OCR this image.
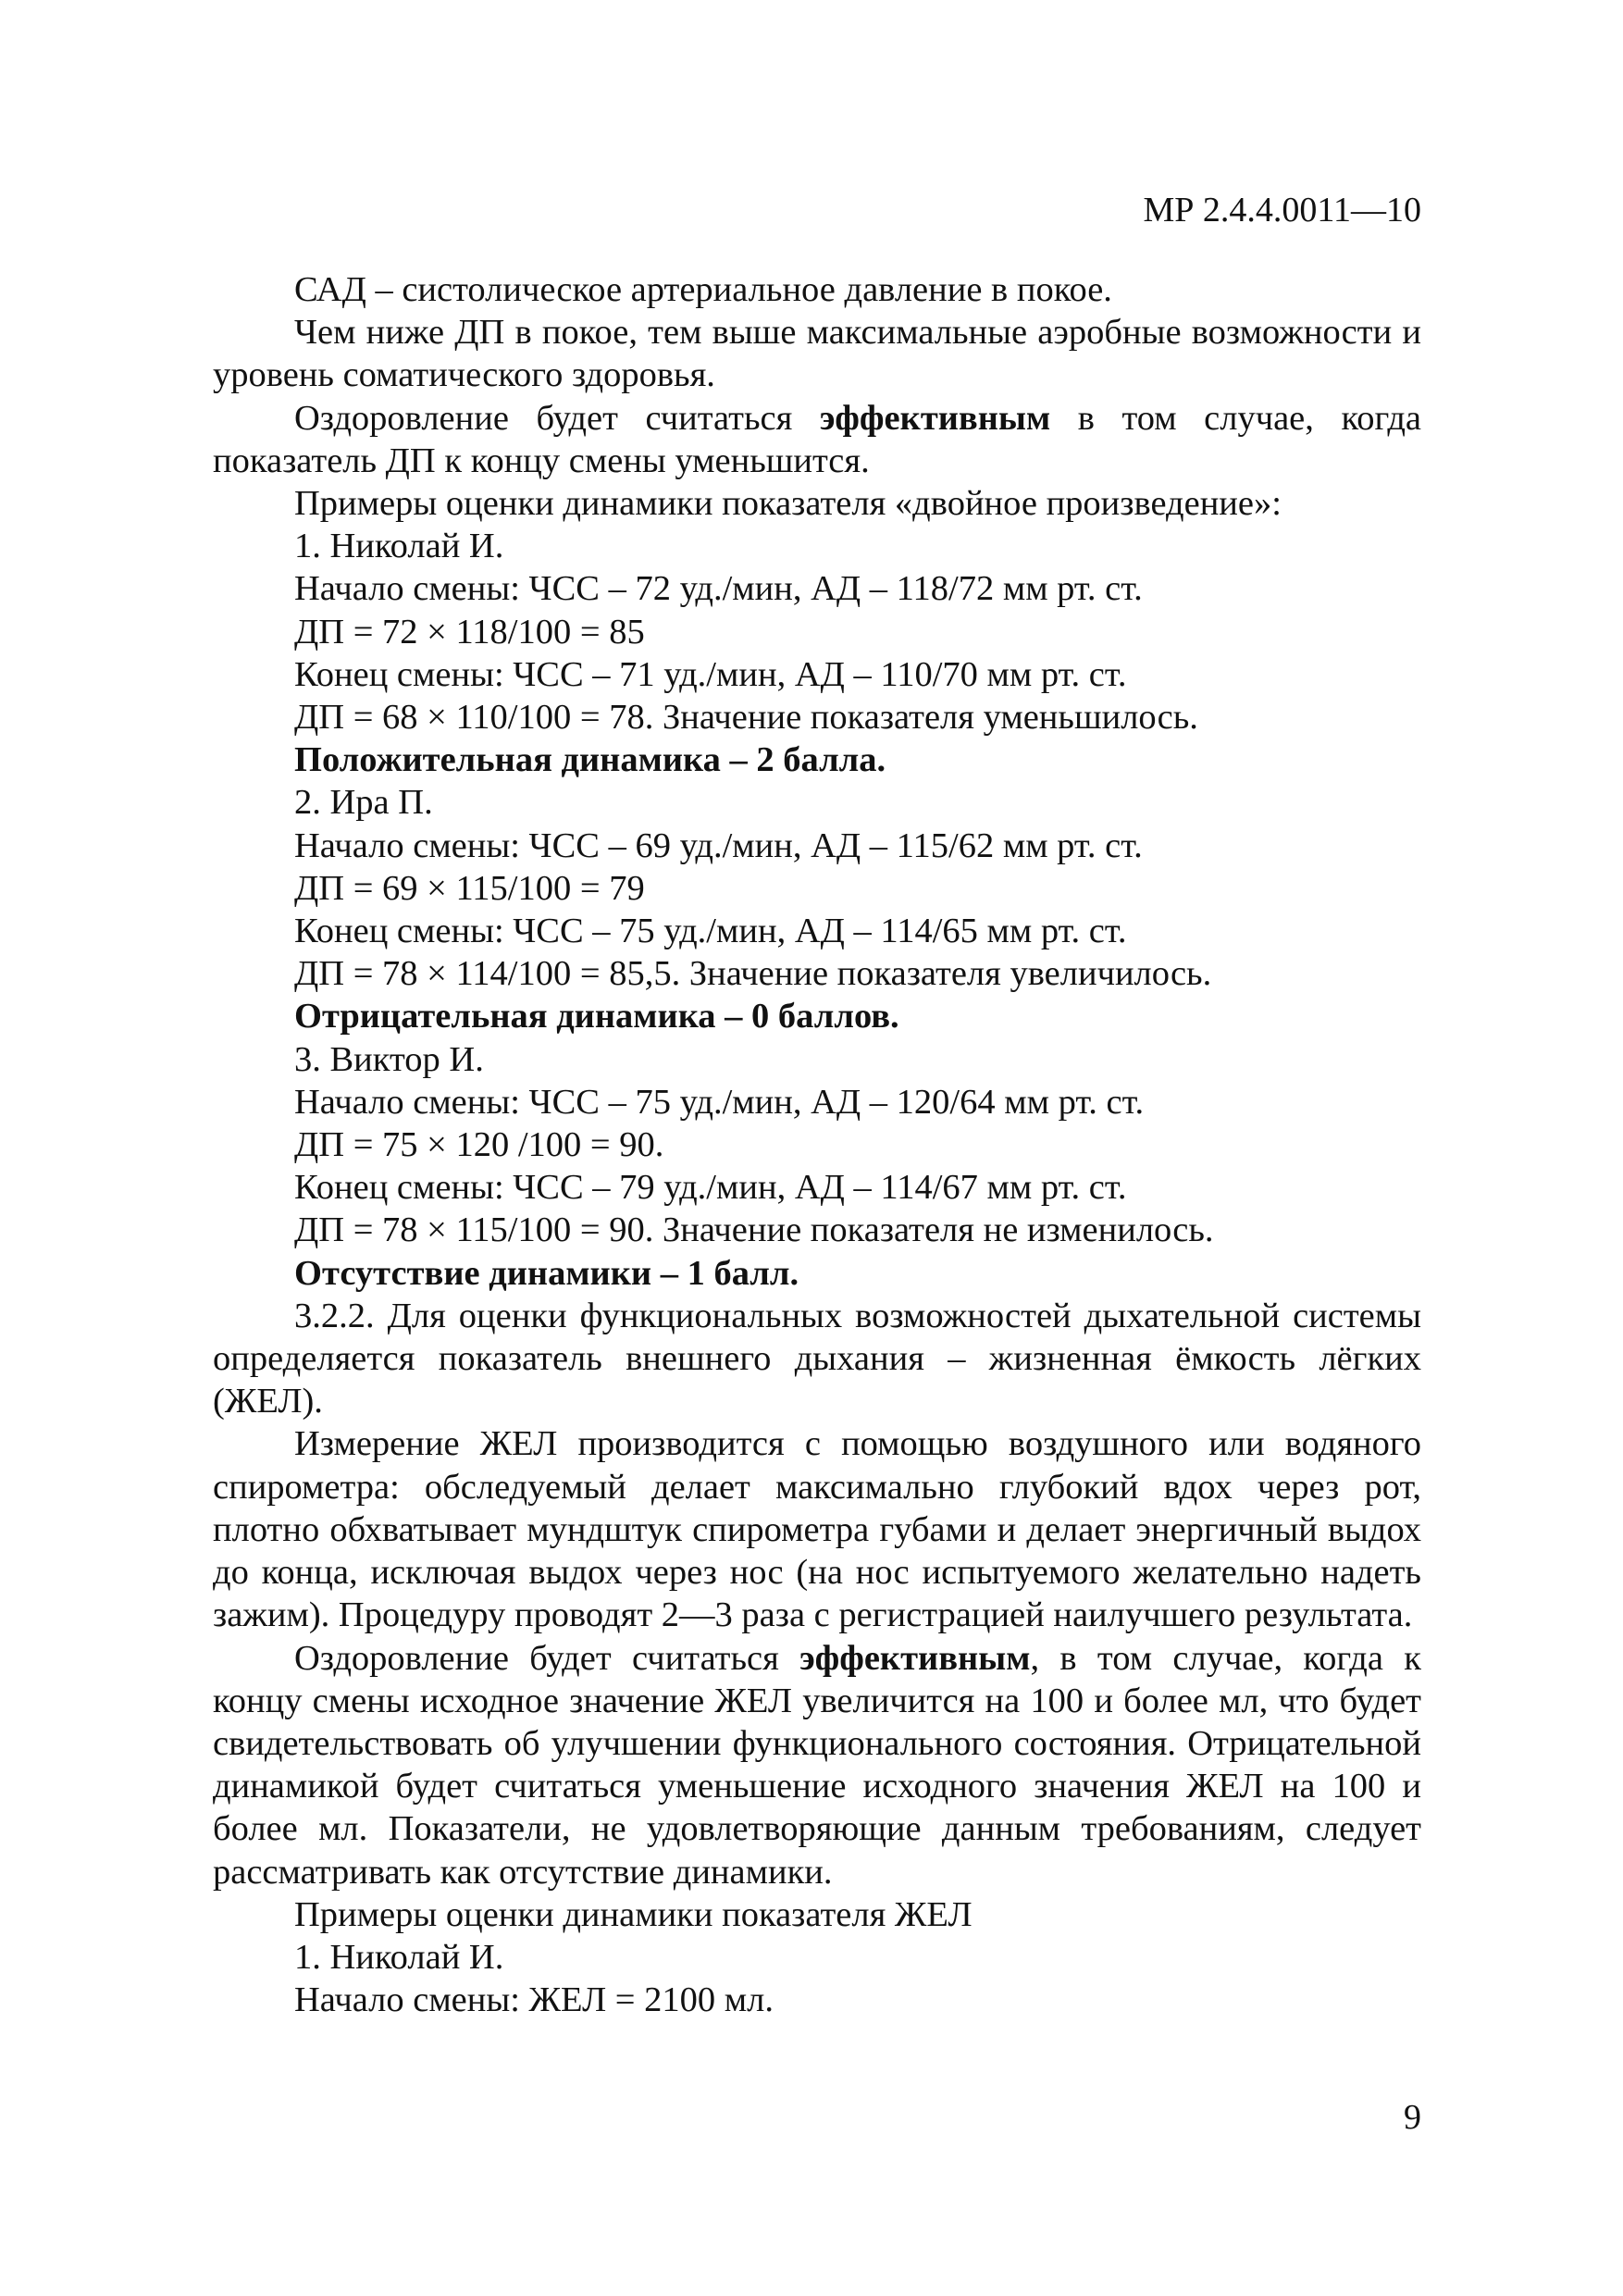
МР 2.4.4.0011—10

САД – систолическое артериальное давление в покое.

Чем ниже ДП в покое, тем выше максимальные аэробные возможности и уровень соматического здоровья.

Оздоровление будет считаться эффективным в том случае, когда показатель ДП к концу смены уменьшится.

Примеры оценки динамики показателя «двойное произведение»:

1. Николай И.

Начало смены: ЧСС – 72 уд./мин, АД – 118/72 мм рт. ст.

ДП = 72 × 118/100 = 85

Конец смены: ЧСС – 71 уд./мин, АД – 110/70 мм рт. ст.

ДП = 68 × 110/100 = 78. Значение показателя уменьшилось.

Положительная динамика – 2 балла.

2. Ира П.

Начало смены: ЧСС – 69 уд./мин, АД – 115/62 мм рт. ст.

ДП = 69 × 115/100 = 79

Конец смены: ЧСС – 75 уд./мин, АД – 114/65 мм рт. ст.

ДП = 78 × 114/100 = 85,5. Значение показателя увеличилось.

Отрицательная динамика – 0 баллов.

3. Виктор И.

Начало смены: ЧСС – 75 уд./мин, АД – 120/64 мм рт. ст.

ДП = 75 × 120 /100 = 90.

Конец смены: ЧСС – 79 уд./мин, АД – 114/67 мм рт. ст.

ДП = 78 × 115/100 = 90. Значение показателя не изменилось.

Отсутствие динамики – 1 балл.

3.2.2. Для оценки функциональных возможностей дыхательной системы определяется показатель внешнего дыхания – жизненная ёмкость лёгких (ЖЕЛ).

Измерение ЖЕЛ производится с помощью воздушного или водяного спирометра: обследуемый делает максимально глубокий вдох через рот, плотно обхватывает мундштук спирометра губами и делает энергичный выдох до конца, исключая выдох через нос (на нос испытуемого желательно надеть зажим). Процедуру проводят 2—3 раза с регистрацией наилучшего результата.

Оздоровление будет считаться эффективным, в том случае, когда к концу смены исходное значение ЖЕЛ увеличится на 100 и более мл, что будет свидетельствовать об улучшении функционального состояния. Отрицательной динамикой будет считаться уменьшение исходного значения ЖЕЛ на 100 и более мл. Показатели, не удовлетворяющие данным требованиям, следует рассматривать как отсутствие динамики.

Примеры оценки динамики показателя ЖЕЛ

1. Николай И.

Начало смены: ЖЕЛ = 2100 мл.

9
